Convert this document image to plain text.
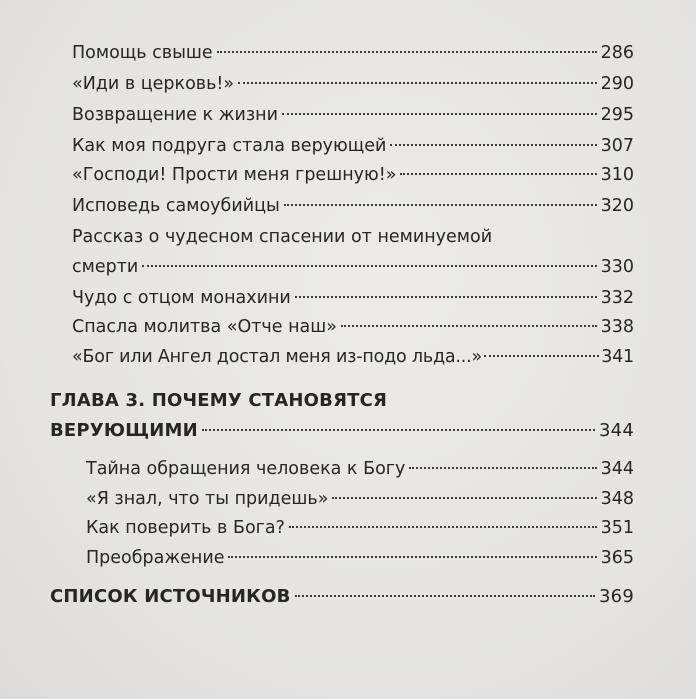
Помощь свыше	286
«Иди в церковь!»	290
Возвращение к жизни	295
Как моя подруга стала верующей	307
«Господи! Прости меня грешную!»	310
Исповедь самоубийцы	320
Рассказ о чудесном спасении от неминуемой
смерти	330
Чудо с отцом монахини	332
Спасла молитва «Отче наш»	338
«Бог или Ангел достал меня из-подо льда...»	341
ГЛАВА 3. ПОЧЕМУ СТАНОВЯТСЯ
ВЕРУЮЩИМИ	344
Тайна обращения человека к Богу	344
«Я знал, что ты придешь»	348
Как поверить в Бога?	351
Преображение	365
СПИСОК ИСТОЧНИКОВ	369
